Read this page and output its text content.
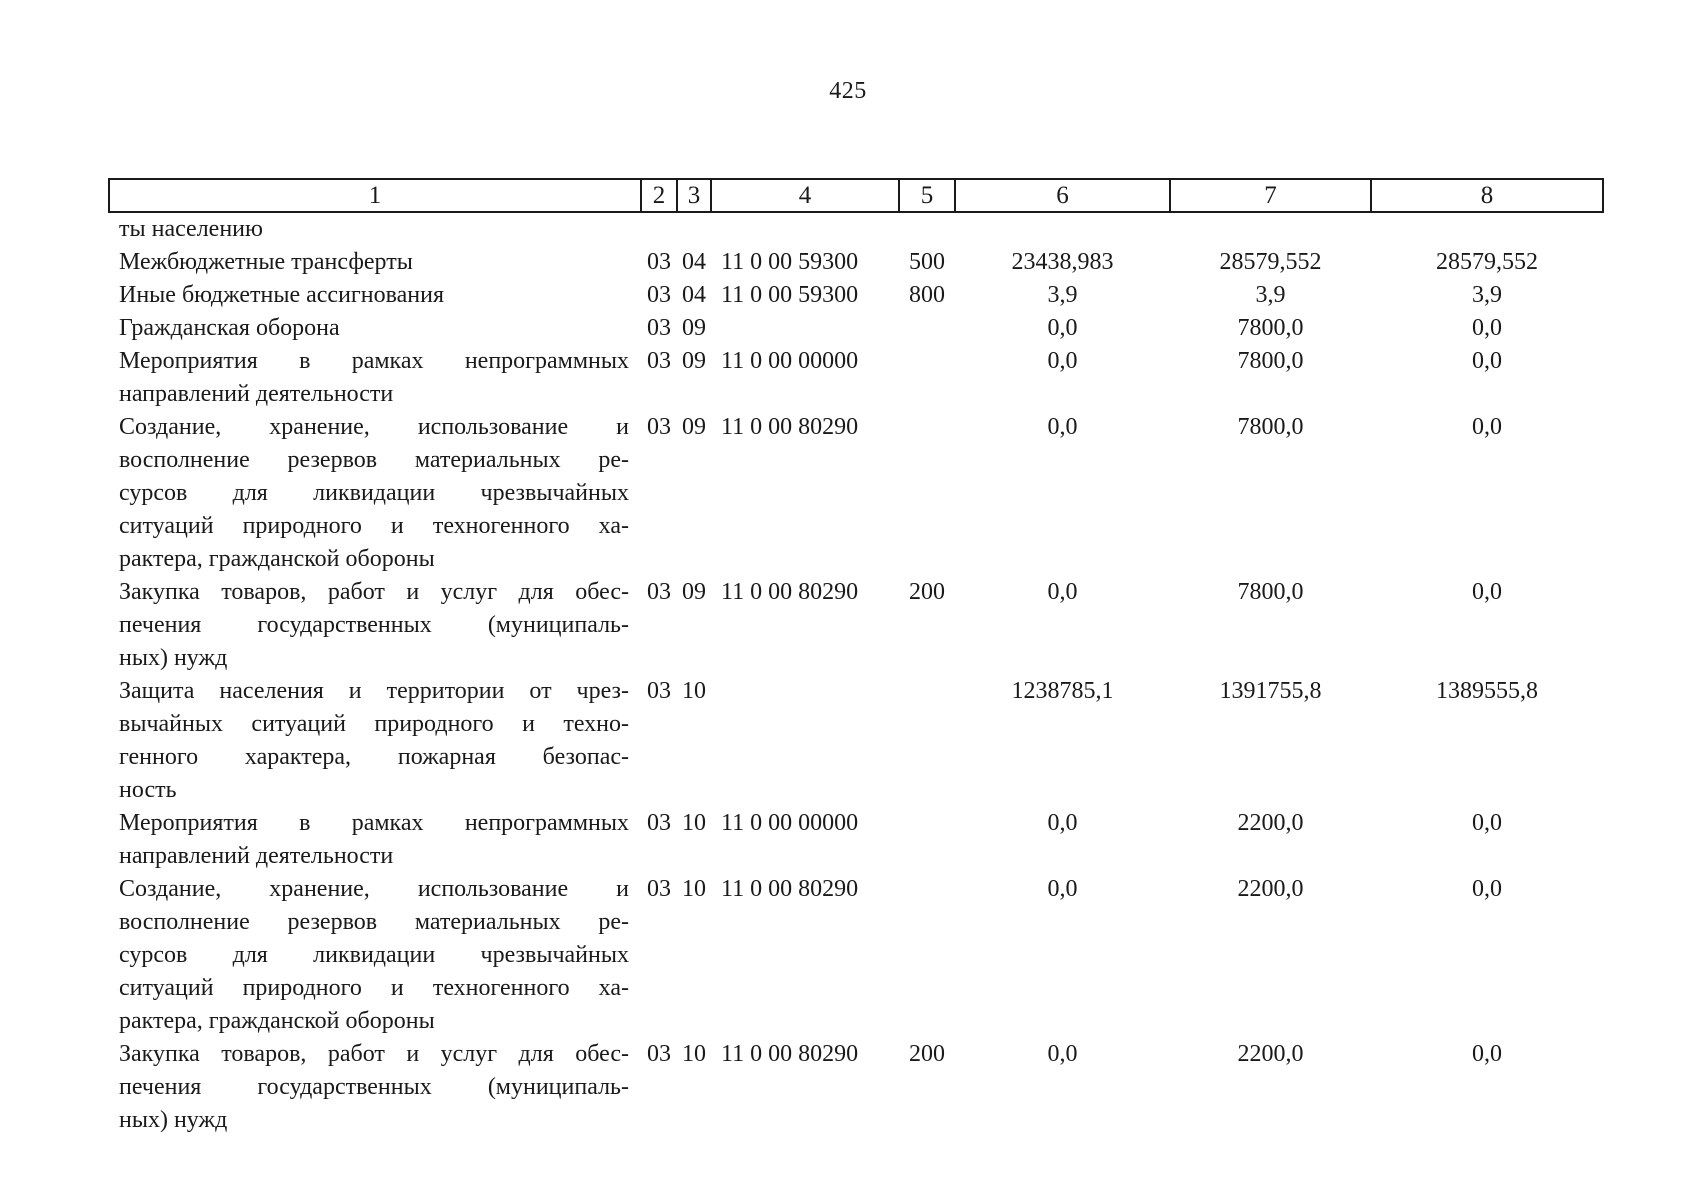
425
1	2	3	4	5	6	7	8

ты населению							

Межбюджетные трансферты	03	04	11 0 00 59300	500	23438,983	28579,552	28579,552

Иные бюджетные ассигнования	03	04	11 0 00 59300	800	3,9	3,9	3,9

Гражданская оборона	03	09			0,0	7800,0	0,0

Мероприятия в рамках непрограммных
направлений деятельности	03	09	11 0 00 00000		0,0	7800,0	0,0

Создание, хранение, использование и
восполнение резервов материальных ре-
сурсов для ликвидации чрезвычайных
ситуаций природного и техногенного ха-
рактера, гражданской обороны	03	09	11 0 00 80290		0,0	7800,0	0,0

Закупка товаров, работ и услуг для обес-
печения государственных (муниципаль-
ных) нужд	03	09	11 0 00 80290	200	0,0	7800,0	0,0

Защита населения и территории от чрез-
вычайных ситуаций природного и техно-
генного характера, пожарная безопас-
ность	03	10			1238785,1	1391755,8	1389555,8

Мероприятия в рамках непрограммных
направлений деятельности	03	10	11 0 00 00000		0,0	2200,0	0,0

Создание, хранение, использование и
восполнение резервов материальных ре-
сурсов для ликвидации чрезвычайных
ситуаций природного и техногенного ха-
рактера, гражданской обороны	03	10	11 0 00 80290		0,0	2200,0	0,0

Закупка товаров, работ и услуг для обес-
печения государственных (муниципаль-
ных) нужд	03	10	11 0 00 80290	200	0,0	2200,0	0,0
